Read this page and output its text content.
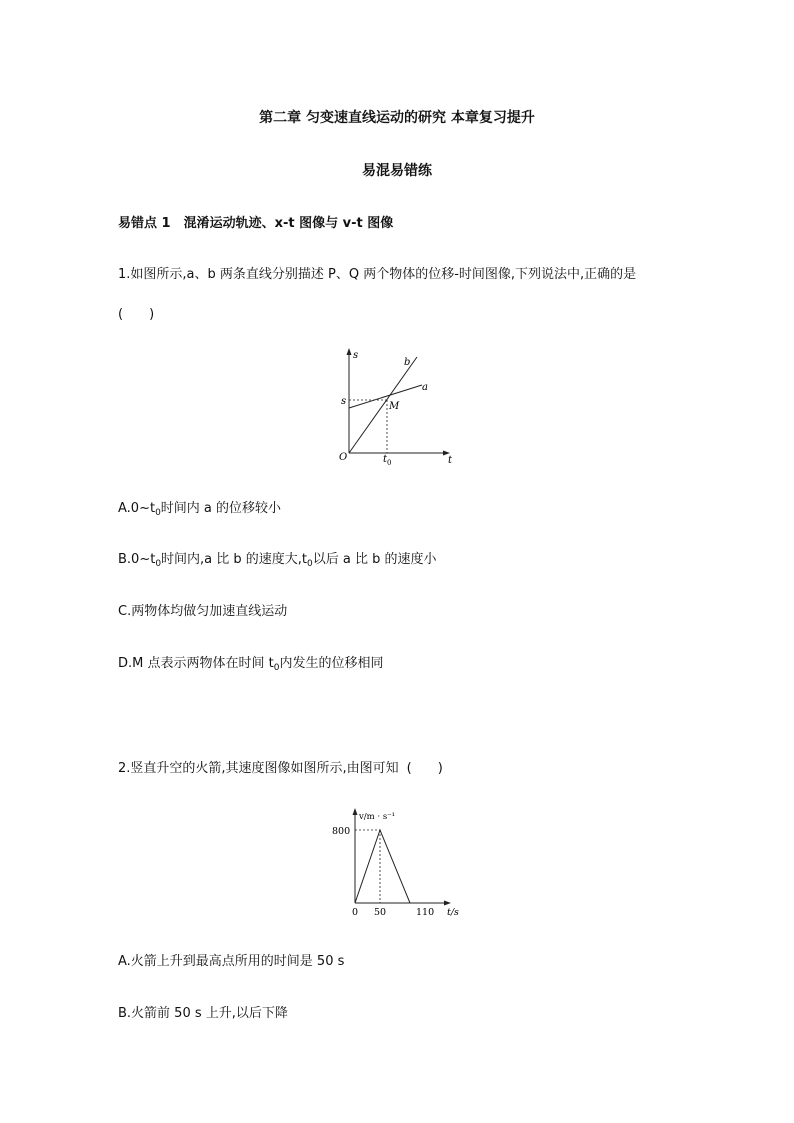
第二章 匀变速直线运动的研究 本章复习提升
易混易错练
易错点 1　混淆运动轨迹、x-t 图像与 v-t 图像
1.如图所示,a、b 两条直线分别描述 P、Q 两个物体的位移-时间图像,下列说法中,正确的是
(　　)
s
t
O
b
a
M
s
$t_0$
$A.0\sim t_0$时间内 a 的位移较小
$B.0\sim t_0$时间内,a 比 b 的速度大$,t_0$以后 a 比 b 的速度小
C.两物体均做匀加速直线运动
D.M 点表示两物体在时间 $t_0$内发生的位移相同
2.竖直升空的火箭,其速度图像如图所示,由图可知 (　　)
v/m · s⁻¹
800
0 50	110 t/s
A.火箭上升到最高点所用的时间是 50 s
B.火箭前 50 s 上升,以后下降
